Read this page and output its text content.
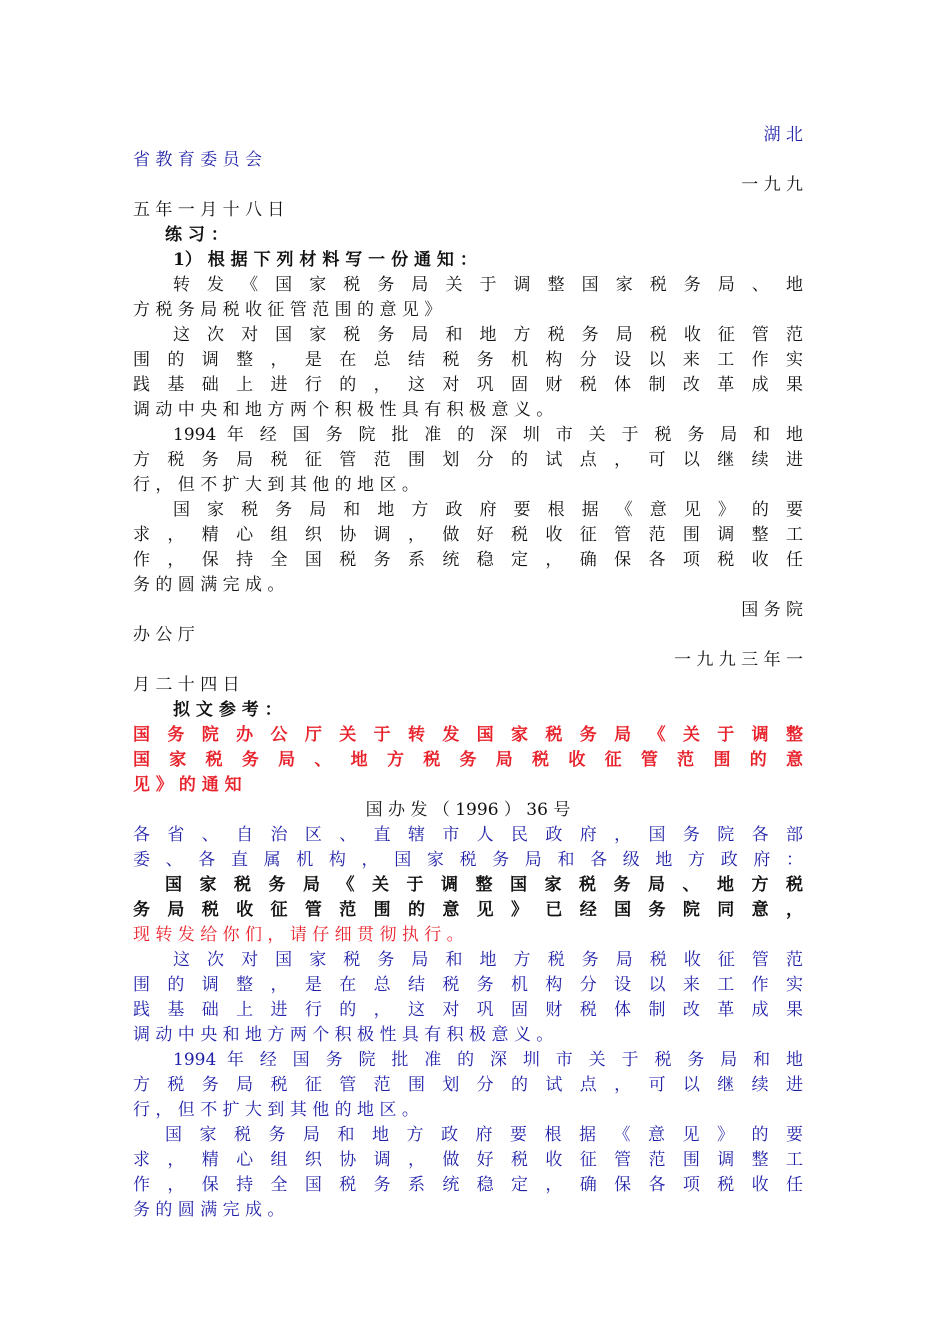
湖 北
省 教 育 委 员 会
一 九 九
五 年 一 月 十 八 日
练 习 ：
1） 根 据 下 列 材 料 写 一 份 通 知 ：
转 发 《 国 家 税 务 局 关 于 调 整 国 家 税 务 局 、 地
方 税 务 局 税 收 征 管 范 围 的 意 见 》
这 次 对 国 家 税 务 局 和 地 方 税 务 局 税 收 征 管 范
围 的 调 整 ， 是 在 总 结 税 务 机 构 分 设 以 来 工 作 实
践 基 础 上 进 行 的 ， 这 对 巩 固 财 税 体 制 改 革 成 果
调 动 中 央 和 地 方 两 个 积 极 性 具 有 积 极 意 义 。
1994 年 经 国 务 院 批 准 的 深 圳 市 关 于 税 务 局 和 地
方 税 务 局 税 征 管 范 围 划 分 的 试 点 ， 可 以 继 续 进
行 ， 但 不 扩 大 到 其 他 的 地 区 。
国 家 税 务 局 和 地 方 政 府 要 根 据 《 意 见 》 的 要
求 ， 精 心 组 织 协 调 ， 做 好 税 收 征 管 范 围 调 整 工
作 ， 保 持 全 国 税 务 系 统 稳 定 ， 确 保 各 项 税 收 任
务 的 圆 满 完 成 。
国 务 院
办 公 厅
一 九 九 三 年 一
月 二 十 四 日
拟 文 参 考 ：
国 务 院 办 公 厅 关 于 转 发 国 家 税 务 局 《 关 于 调 整
国 家 税 务 局 、 地 方 税 务 局 税 收 征 管 范 围 的 意
见 》 的 通 知
国 办 发 （ 1996 ） 36 号
各 省 、 自 治 区 、 直 辖 市 人 民 政 府 ， 国 务 院 各 部
委 、 各 直 属 机 构 ， 国 家 税 务 局 和 各 级 地 方 政 府 ：
国 家 税 务 局 《 关 于 调 整 国 家 税 务 局 、 地 方 税
务 局 税 收 征 管 范 围 的 意 见 》 已 经 国 务 院 同 意 ，
现 转 发 给 你 们 ， 请 仔 细 贯 彻 执 行 。
这 次 对 国 家 税 务 局 和 地 方 税 务 局 税 收 征 管 范
围 的 调 整 ， 是 在 总 结 税 务 机 构 分 设 以 来 工 作 实
践 基 础 上 进 行 的 ， 这 对 巩 固 财 税 体 制 改 革 成 果
调 动 中 央 和 地 方 两 个 积 极 性 具 有 积 极 意 义 。
1994 年 经 国 务 院 批 准 的 深 圳 市 关 于 税 务 局 和 地
方 税 务 局 税 征 管 范 围 划 分 的 试 点 ， 可 以 继 续 进
行 ， 但 不 扩 大 到 其 他 的 地 区 。
国 家 税 务 局 和 地 方 政 府 要 根 据 《 意 见 》 的 要
求 ， 精 心 组 织 协 调 ， 做 好 税 收 征 管 范 围 调 整 工
作 ， 保 持 全 国 税 务 系 统 稳 定 ， 确 保 各 项 税 收 任
务 的 圆 满 完 成 。
